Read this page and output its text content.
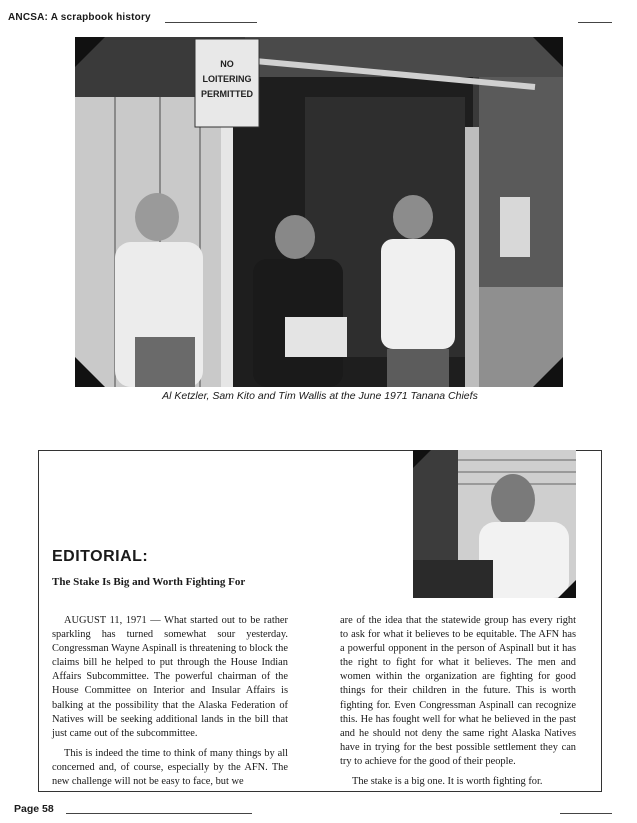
ANCSA: A scrapbook history
NO
LOITERING
PERMITTED
Al Ketzler, Sam Kito and Tim Wallis at the June 1971 Tanana Chiefs
EDITORIAL:
The Stake Is Big and Worth Fighting For

AUGUST 11, 1971 — What started out to be rather sparkling has turned somewhat sour yesterday. Congressman Wayne Aspinall is threatening to block the claims bill he helped to put through the House Indian Affairs Subcommittee. The powerful chairman of the House Committee on Interior and Insular Affairs is balking at the possibility that the Alaska Federation of Natives will be seeking additional lands in the bill that just came out of the subcommittee.

This is indeed the time to think of many things by all concerned and, of course, especially by the AFN. The new challenge will not be easy to face, but we

are of the idea that the statewide group has every right to ask for what it believes to be equitable. The AFN has a powerful opponent in the person of Aspinall but it has the right to fight for what it believes. The men and women within the organization are fighting for good things for their children in the future. This is worth fighting for. Even Congressman Aspinall can recognize this. He has fought well for what he believed in the past and he should not deny the same right Alaska Natives have in trying for the best possible settlement they can try to achieve for the good of their people.

The stake is a big one. It is worth fighting for.

Page 58
